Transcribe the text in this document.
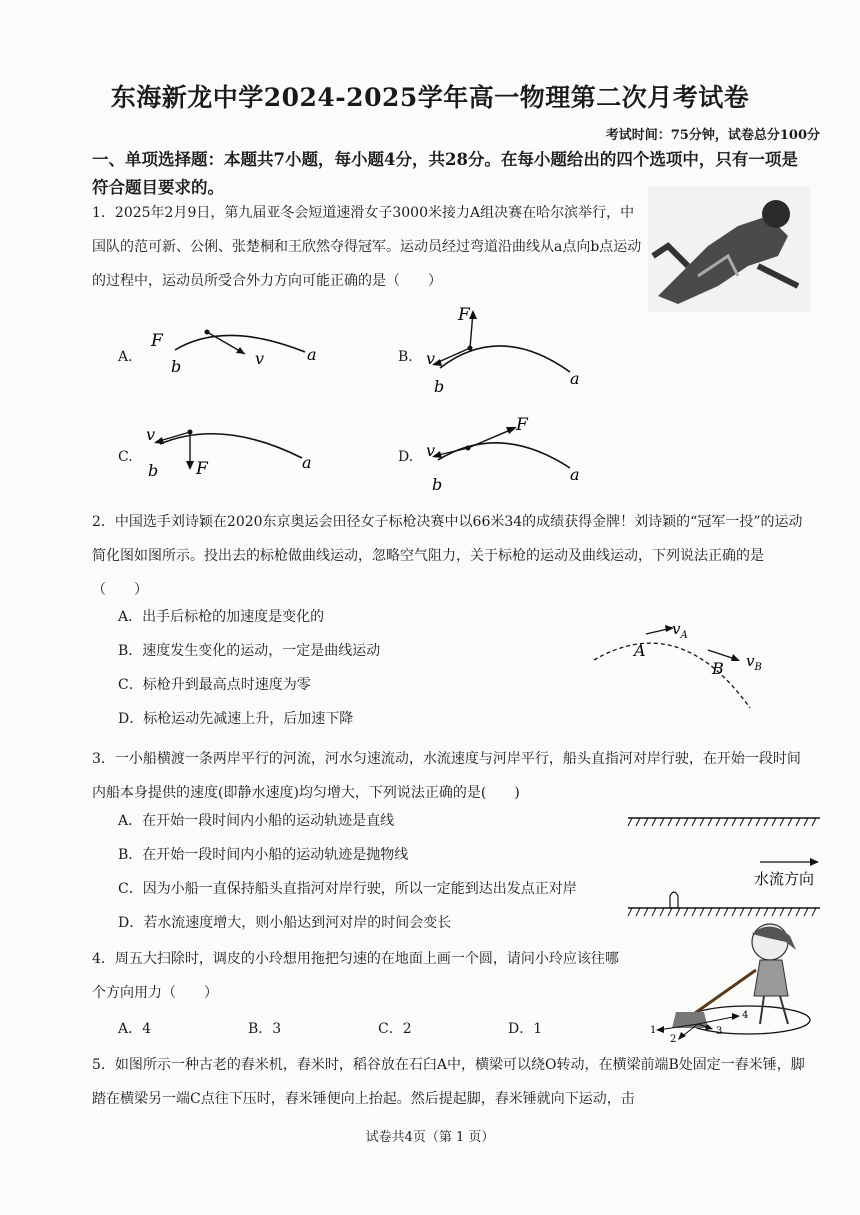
东海新龙中学2024-2025学年高一物理第二次月考试卷
考试时间：75分钟，试卷总分100分
一、单项选择题：本题共7小题，每小题4分，共28分。在每小题给出的四个选项中，只有一项是符合题目要求的。
1．2025年2月9日，第九届亚冬会短道速滑女子3000米接力A组决赛在哈尔滨举行，中国队的范可新、公俐、张楚桐和王欣然夺得冠军。运动员经过弯道沿曲线从a点向b点运动的过程中，运动员所受合外力方向可能正确的是（　　）
A.
F
b	v	a	B.
F
v
b	a
C.
v
b F	a	D.
F
v
b
a
2．中国选手刘诗颖在2020东京奥运会田径女子标枪决赛中以66米34的成绩获得金牌！刘诗颖的“冠军一投”的运动简化图如图所示。投出去的标枪做曲线运动，忽略空气阻力，关于标枪的运动及曲线运动，下列说法正确的是（　　）
A．出手后标枪的加速度是变化的
B．速度发生变化的运动，一定是曲线运动
C．标枪升到最高点时速度为零
D．标枪运动先减速上升，后加速下降
A
B
$v_A$
$v_B$
3．一小船横渡一条两岸平行的河流，河水匀速流动，水流速度与河岸平行，船头直指河对岸行驶，在开始一段时间内船本身提供的速度(即静水速度)均匀增大，下列说法正确的是(　　)
A．在开始一段时间内小船的运动轨迹是直线
B．在开始一段时间内小船的运动轨迹是抛物线
C．因为小船一直保持船头直指河对岸行驶，所以一定能到达出发点正对岸
D．若水流速度增大，则小船达到河对岸的时间会变长
水流方向
4．周五大扫除时，调皮的小玲想用拖把匀速的在地面上画一个圆，请问小玲应该往哪个方向用力（　　）
A．4	B．3	C．2	D．1	1
2
3
4
5．如图所示一种古老的舂米机，舂米时，稻谷放在石臼A中，横梁可以绕O转动，在横梁前端B处固定一舂米锤，脚踏在横梁另一端C点往下压时，舂米锤便向上抬起。然后提起脚，舂米锤就向下运动，击
试卷共4页（第 1 页）
